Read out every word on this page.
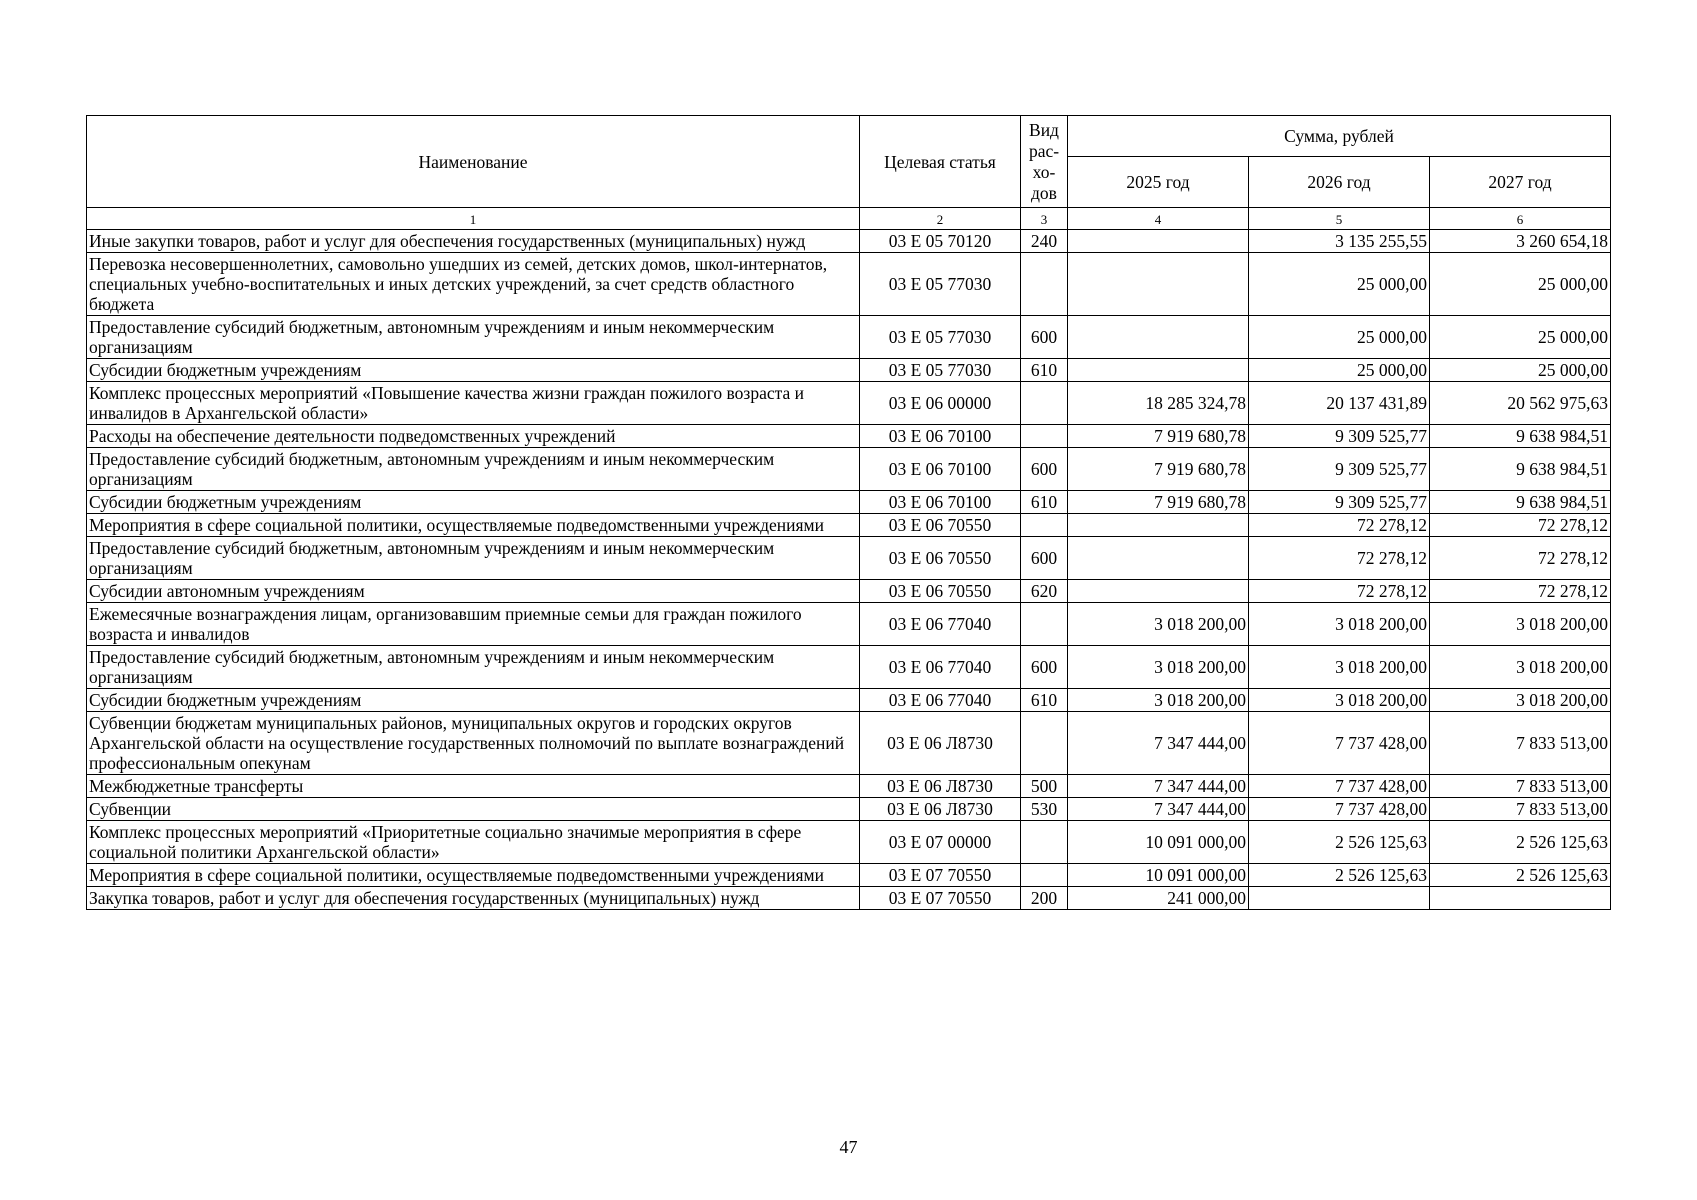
Наименование	Целевая статья	Вид рас-хо-дов	Сумма, рублей		
			2025 год	2026 год	2027 год
1	2	3	4	5	6
Иные закупки товаров, работ и услуг для обеспечения государственных (муниципальных) нужд	03 Е 05 70120	240		3 135 255,55	3 260 654,18
Перевозка несовершеннолетних, самовольно ушедших из семей, детских домов, школ-интернатов, специальных учебно-воспитательных и иных детских учреждений, за счет средств областного бюджета	03 Е 05 77030			25 000,00	25 000,00
Предоставление субсидий бюджетным, автономным учреждениям и иным некоммерческим организациям	03 Е 05 77030	600		25 000,00	25 000,00
Субсидии бюджетным учреждениям	03 Е 05 77030	610		25 000,00	25 000,00
Комплекс процессных мероприятий «Повышение качества жизни граждан пожилого возраста и инвалидов в Архангельской области»	03 Е 06 00000		18 285 324,78	20 137 431,89	20 562 975,63
Расходы на обеспечение деятельности подведомственных учреждений	03 Е 06 70100		7 919 680,78	9 309 525,77	9 638 984,51
Предоставление субсидий бюджетным, автономным учреждениям и иным некоммерческим организациям	03 Е 06 70100	600	7 919 680,78	9 309 525,77	9 638 984,51
Субсидии бюджетным учреждениям	03 Е 06 70100	610	7 919 680,78	9 309 525,77	9 638 984,51
Мероприятия в сфере социальной политики, осуществляемые подведомственными учреждениями	03 Е 06 70550			72 278,12	72 278,12
Предоставление субсидий бюджетным, автономным учреждениям и иным некоммерческим организациям	03 Е 06 70550	600		72 278,12	72 278,12
Субсидии автономным учреждениям	03 Е 06 70550	620		72 278,12	72 278,12
Ежемесячные вознаграждения лицам, организовавшим приемные семьи для граждан пожилого возраста и инвалидов	03 Е 06 77040		3 018 200,00	3 018 200,00	3 018 200,00
Предоставление субсидий бюджетным, автономным учреждениям и иным некоммерческим организациям	03 Е 06 77040	600	3 018 200,00	3 018 200,00	3 018 200,00
Субсидии бюджетным учреждениям	03 Е 06 77040	610	3 018 200,00	3 018 200,00	3 018 200,00
Субвенции бюджетам муниципальных районов, муниципальных округов и городских округов Архангельской области на осуществление государственных полномочий по выплате вознаграждений профессиональным опекунам	03 Е 06 Л8730		7 347 444,00	7 737 428,00	7 833 513,00
Межбюджетные трансферты	03 Е 06 Л8730	500	7 347 444,00	7 737 428,00	7 833 513,00
Субвенции	03 Е 06 Л8730	530	7 347 444,00	7 737 428,00	7 833 513,00
Комплекс процессных мероприятий «Приоритетные социально значимые мероприятия в сфере социальной политики Архангельской области»	03 Е 07 00000		10 091 000,00	2 526 125,63	2 526 125,63
Мероприятия в сфере социальной политики, осуществляемые подведомственными учреждениями	03 Е 07 70550		10 091 000,00	2 526 125,63	2 526 125,63
Закупка товаров, работ и услуг для обеспечения государственных (муниципальных) нужд	03 Е 07 70550	200	241 000,00		
47
